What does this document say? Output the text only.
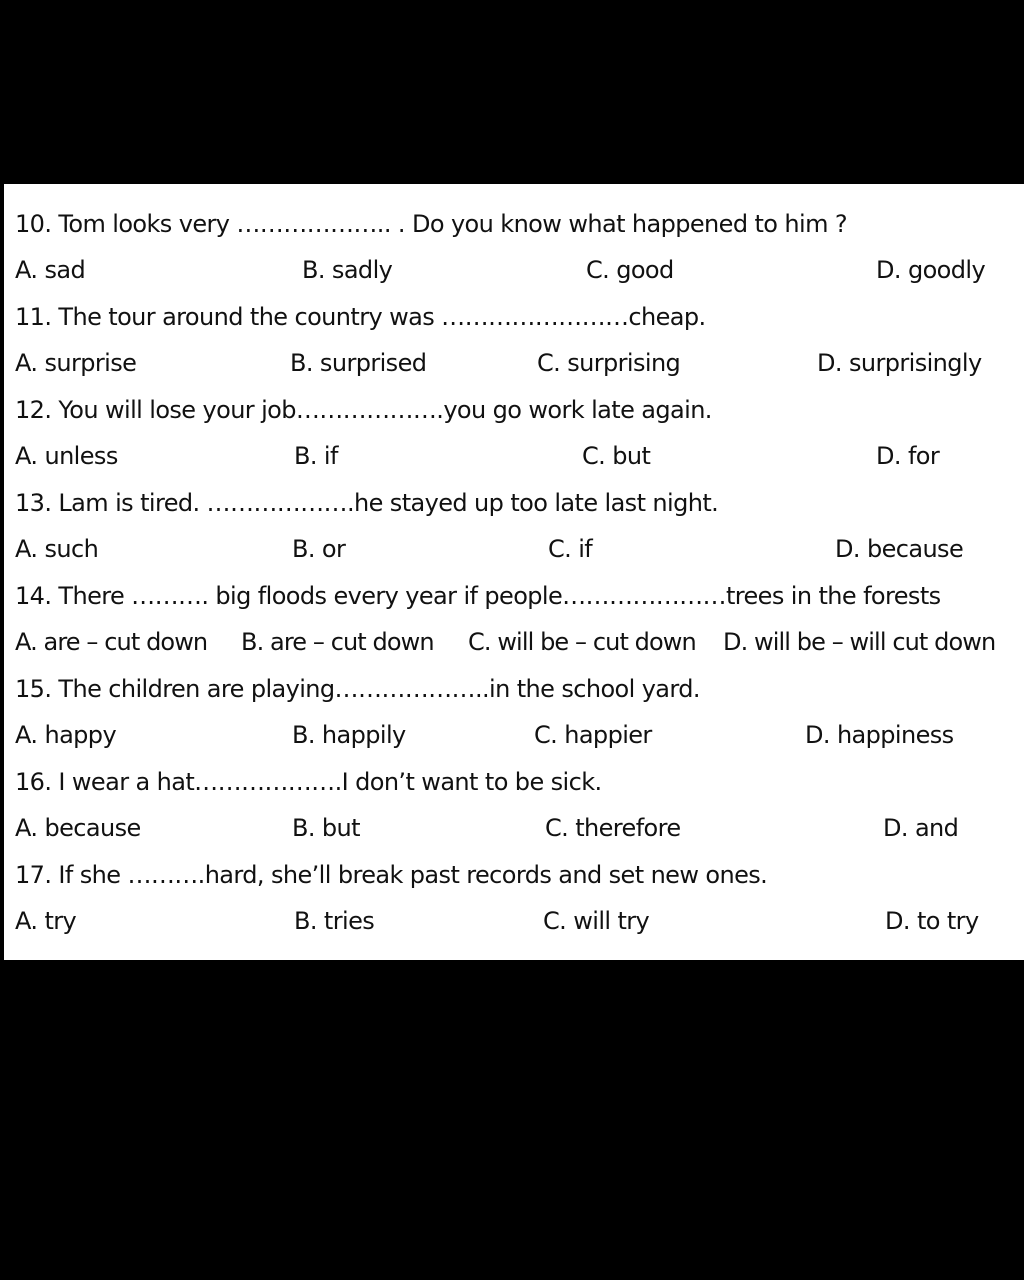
10. Tom looks very ……………….. . Do you know what happened to him ?
A. sad	B. sadly	C. good	D. goodly
11. The tour around the country was ……………………cheap.
A. surprise	B. surprised	C. surprising	D. surprisingly
12. You will lose your job……………….you go work late again.
A. unless	B. if	C. but	D. for
13. Lam is tired. ……………….he stayed up too late last night.
A. such	B. or	C. if	D. because
14. There ………. big floods every year if people…………………trees in the forests
A. are – cut down B. are – cut down C. will be – cut down D. will be – will cut down
15. The children are playing………………..in the school yard.
A. happy	B. happily	C. happier	D. happiness
16. I wear a hat……………….I don’t want to be sick.
A. because	B. but	C. therefore	D. and
17. If she ……….hard, she’ll break past records and set new ones.
A. try	B. tries	C. will try	D. to try
